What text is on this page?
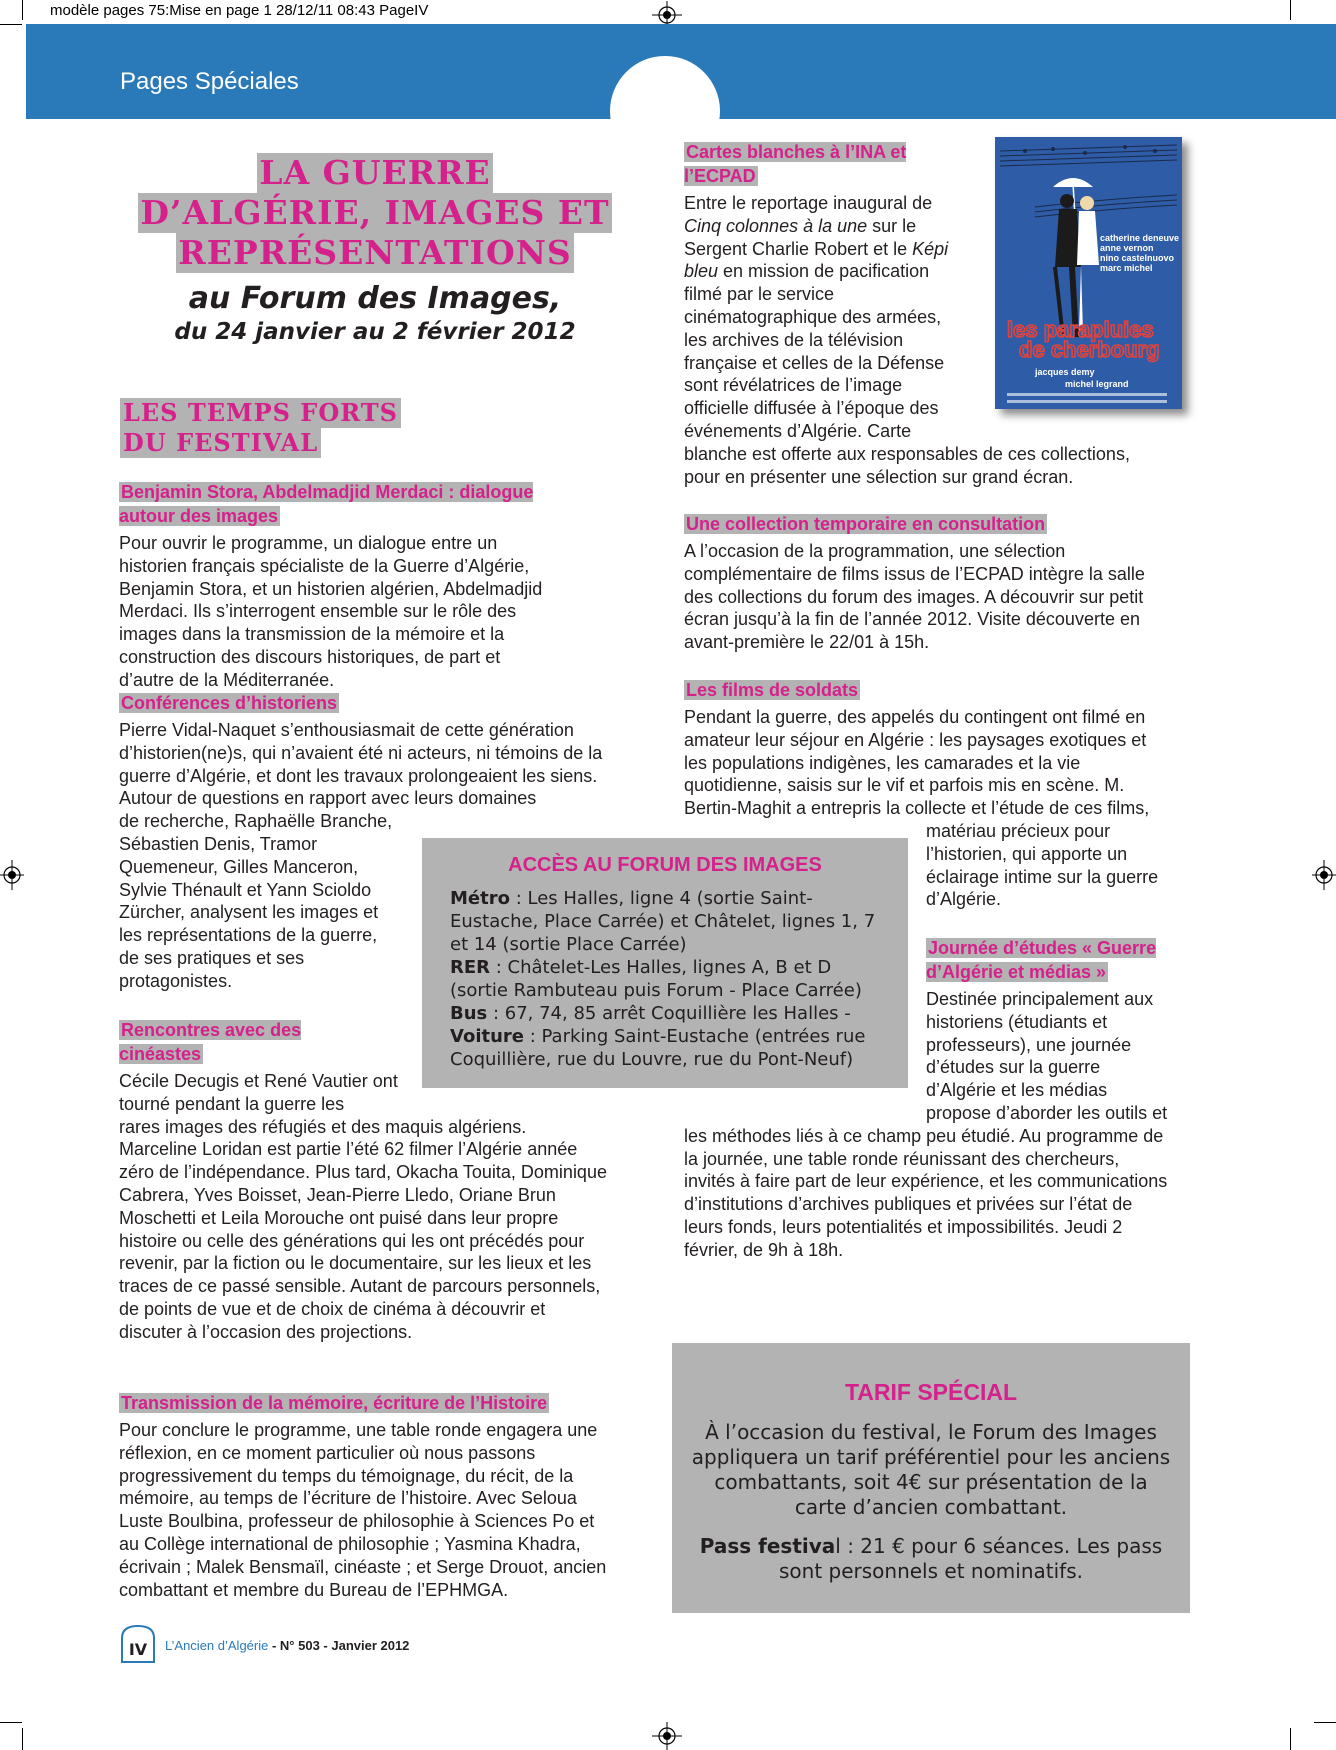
modèle pages 75:Mise en page 1 28/12/11 08:43 PageIV
Pages Spéciales
LA GUERRE
D’ALGÉRIE, IMAGES ET
REPRÉSENTATIONS
au Forum des Images,
du 24 janvier au 2 février 2012
LES TEMPS FORTS
DU FESTIVAL
Benjamin Stora, Abdelmadjid Merdaci : dialogue autour des images
Pour ouvrir le programme, un dialogue entre un historien français spécialiste de la Guerre d’Algérie, Benjamin Stora, et un historien algérien, Abdelmadjid Merdaci. Ils s’interrogent ensemble sur le rôle des images dans la transmission de la mémoire et la construction des discours historiques, de part et d’autre de la Méditerranée.
Conférences d’historiens
Pierre Vidal-Naquet s’enthousiasmait de cette génération d’historien(ne)s, qui n’avaient été ni acteurs, ni témoins de la guerre d’Algérie, et dont les travaux prolongeaient les siens. Autour de questions en rapport avec leurs domaines
de recherche, Raphaëlle Branche, Sébastien Denis, Tramor Quemeneur, Gilles Manceron, Sylvie Thénault et Yann Scioldo Zürcher, analysent les images et les représentations de la guerre, de ses pratiques et ses protagonistes.
Rencontres avec des cinéastes
Cécile Decugis et René Vautier ont tourné pendant la guerre les
rares images des réfugiés et des maquis algériens. Marceline Loridan est partie l’été 62 filmer l’Algérie année zéro de l’indépendance. Plus tard, Okacha Touita, Dominique Cabrera, Yves Boisset, Jean-Pierre Lledo, Oriane Brun Moschetti et Leila Morouche ont puisé dans leur propre histoire ou celle des générations qui les ont précédés pour revenir, par la fiction ou le documentaire, sur les lieux et les traces de ce passé sensible. Autant de parcours personnels, de points de vue et de choix de cinéma à découvrir et discuter à l’occasion des projections.
Transmission de la mémoire, écriture de l’Histoire
Pour conclure le programme, une table ronde engagera une réflexion, en ce moment particulier où nous passons progressivement du temps du témoignage, du récit, de la mémoire, au temps de l’écriture de l’histoire. Avec Seloua Luste Boulbina, professeur de philosophie à Sciences Po et au Collège international de philosophie ; Yasmina Khadra, écrivain ; Malek Bensmaïl, cinéaste ; et Serge Drouot, ancien combattant et membre du Bureau de l’EPHMGA.
Cartes blanches à l’INA et l’ECPAD
Entre le reportage inaugural de Cinq colonnes à la une sur le Sergent Charlie Robert et le Képi bleu en mission de pacification filmé par le service cinématographique des armées, les archives de la télévision française et celles de la Défense sont révélatrices de l’image officielle diffusée à l’époque des événements d’Algérie. Carte
blanche est offerte aux responsables de ces collections, pour en présenter une sélection sur grand écran.
catherine deneuve
anne vernon
nino castelnuovo
marc michel
les parapluies
de cherbourg
jacques demy
michel legrand
Une collection temporaire en consultation
A l’occasion de la programmation, une sélection complémentaire de films issus de l’ECPAD intègre la salle des collections du forum des images. A découvrir sur petit écran jusqu’à la fin de l’année 2012. Visite découverte en avant-première le 22/01 à 15h.
Les films de soldats
Pendant la guerre, des appelés du contingent ont filmé en amateur leur séjour en Algérie : les paysages exotiques et les populations indigènes, les camarades et la vie quotidienne, saisis sur le vif et parfois mis en scène. M. Bertin-Maghit a entrepris la collecte et l’étude de ces films,
matériau précieux pour l’historien, qui apporte un éclairage intime sur la guerre d’Algérie.
Journée d’études « Guerre d’Algérie et médias »
Destinée principalement aux historiens (étudiants et professeurs), une journée d’études sur la guerre d’Algérie et les médias propose d’aborder les outils et
les méthodes liés à ce champ peu étudié. Au programme de la journée, une table ronde réunissant des chercheurs, invités à faire part de leur expérience, et les communications d’institutions d’archives publiques et privées sur l’état de leurs fonds, leurs potentialités et impossibilités. Jeudi 2 février, de 9h à 18h.
ACCÈS AU FORUM DES IMAGES
Métro : Les Halles, ligne 4 (sortie Saint-Eustache, Place Carrée) et Châtelet, lignes 1, 7 et 14 (sortie Place Carrée)
RER : Châtelet-Les Halles, lignes A, B et D (sortie Rambuteau puis Forum - Place Carrée)
Bus : 67, 74, 85 arrêt Coquillière les Halles -
Voiture : Parking Saint-Eustache (entrées rue Coquillière, rue du Louvre, rue du Pont-Neuf)
TARIF SPÉCIAL
À l’occasion du festival, le Forum des Images appliquera un tarif préférentiel pour les anciens combattants, soit 4€ sur présentation de la carte d’ancien combattant.
Pass festival : 21 € pour 6 séances. Les pass sont personnels et nominatifs.
IV L’Ancien d’Algérie - N° 503 - Janvier 2012
